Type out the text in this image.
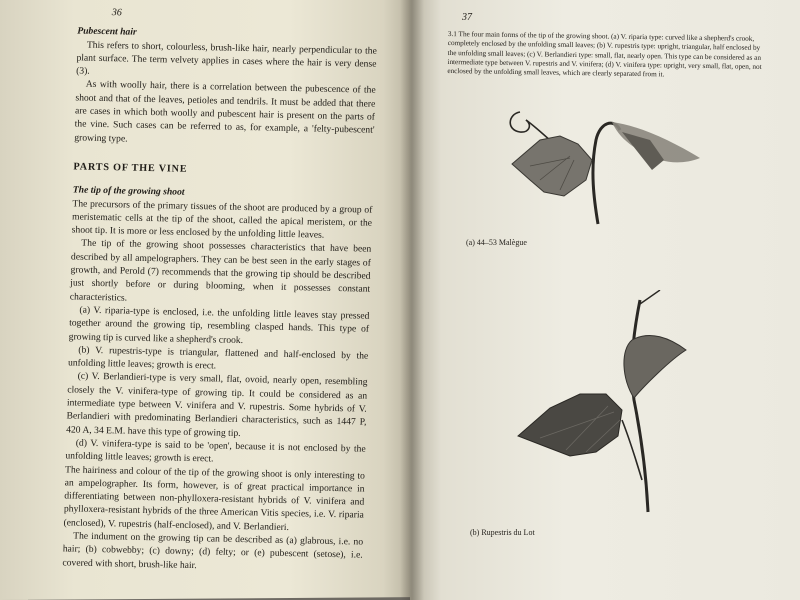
36
Pubescent hair

This refers to short, colourless, brush-like hair, nearly perpendicular to the plant surface. The term velvety applies in cases where the hair is very dense (3).

As with woolly hair, there is a correlation between the pubescence of the shoot and that of the leaves, petioles and tendrils. It must be added that there are cases in which both woolly and pubescent hair is present on the parts of the vine. Such cases can be referred to as, for example, a 'felty-pubescent' growing type.

PARTS OF THE VINE
The tip of the growing shoot

The precursors of the primary tissues of the shoot are produced by a group of meristematic cells at the tip of the shoot, called the apical meristem, or the shoot tip. It is more or less enclosed by the unfolding little leaves.

The tip of the growing shoot possesses characteristics that have been described by all ampelographers. They can be best seen in the early stages of growth, and Perold (7) recommends that the growing tip should be described just shortly before or during blooming, when it possesses constant characteristics.

(a) V. riparia-type is enclosed, i.e. the unfolding little leaves stay pressed together around the growing tip, resembling clasped hands. This type of growing tip is curved like a shepherd's crook.

(b) V. rupestris-type is triangular, flattened and half-enclosed by the unfolding little leaves; growth is erect.

(c) V. Berlandieri-type is very small, flat, ovoid, nearly open, resembling closely the V. vinifera-type of growing tip. It could be considered as an intermediate type between V. vinifera and V. rupestris. Some hybrids of V. Berlandieri with predominating Berlandieri characteristics, such as 1447 P, 420 A, 34 E.M. have this type of growing tip.

(d) V. vinifera-type is said to be 'open', because it is not enclosed by the unfolding little leaves; growth is erect.

The hairiness and colour of the tip of the growing shoot is only interesting to an ampelographer. Its form, however, is of great practical importance in differentiating between non-phylloxera-resistant hybrids of V. vinifera and phylloxera-resistant hybrids of the three American Vitis species, i.e. V. riparia (enclosed), V. rupestris (half-enclosed), and V. Berlandieri.

The indument on the growing tip can be described as (a) glabrous, i.e. no hair; (b) cobwebby; (c) downy; (d) felty; or (e) pubescent (setose), i.e. covered with short, brush-like hair.

37
3.1 The four main forms of the tip of the growing shoot. (a) V. riparia type: curved like a shepherd's crook, completely enclosed by the unfolding small leaves; (b) V. rupestris type: upright, triangular, half enclosed by the unfolding small leaves; (c) V. Berlandieri type: small, flat, nearly open. This type can be considered as an intermediate type between V. rupestris and V. vinifera; (d) V. vinifera type: upright, very small, flat, open, not enclosed by the unfolding small leaves, which are clearly separated from it.
(a) 44–53 Malègue
(b) Rupestris du Lot
